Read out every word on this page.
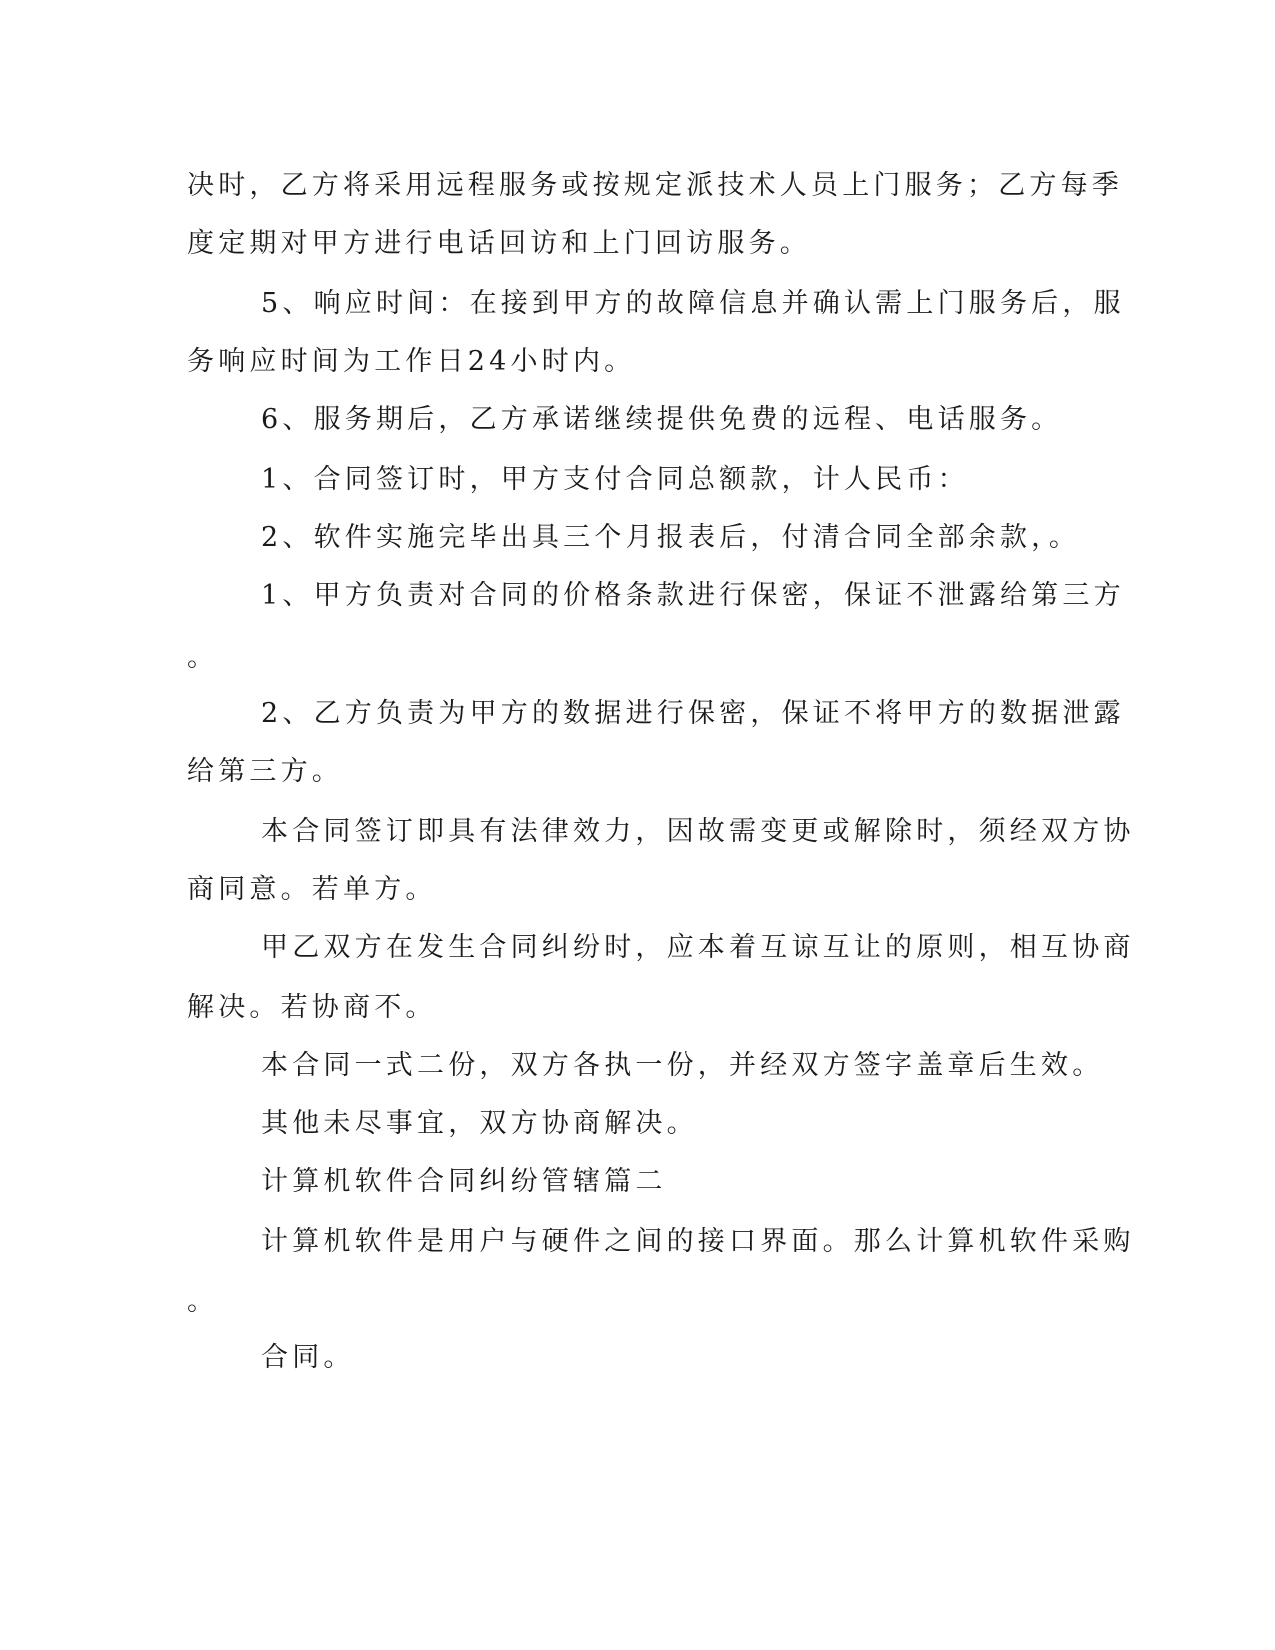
决时，乙方将采用远程服务或按规定派技术人员上门服务；乙方每季
度定期对甲方进行电话回访和上门回访服务。
5、响应时间：在接到甲方的故障信息并确认需上门服务后，服
务响应时间为工作日24小时内。
6、服务期后，乙方承诺继续提供免费的远程、电话服务。
1、合同签订时，甲方支付合同总额款，计人民币：
2、软件实施完毕出具三个月报表后，付清合同全部余款，。
1、甲方负责对合同的价格条款进行保密，保证不泄露给第三方
。
2、乙方负责为甲方的数据进行保密，保证不将甲方的数据泄露
给第三方。
本合同签订即具有法律效力，因故需变更或解除时，须经双方协
商同意。若单方。
甲乙双方在发生合同纠纷时，应本着互谅互让的原则，相互协商
解决。若协商不。
本合同一式二份，双方各执一份，并经双方签字盖章后生效。
其他未尽事宜，双方协商解决。
计算机软件合同纠纷管辖篇二
计算机软件是用户与硬件之间的接口界面。那么计算机软件采购
。
合同。
